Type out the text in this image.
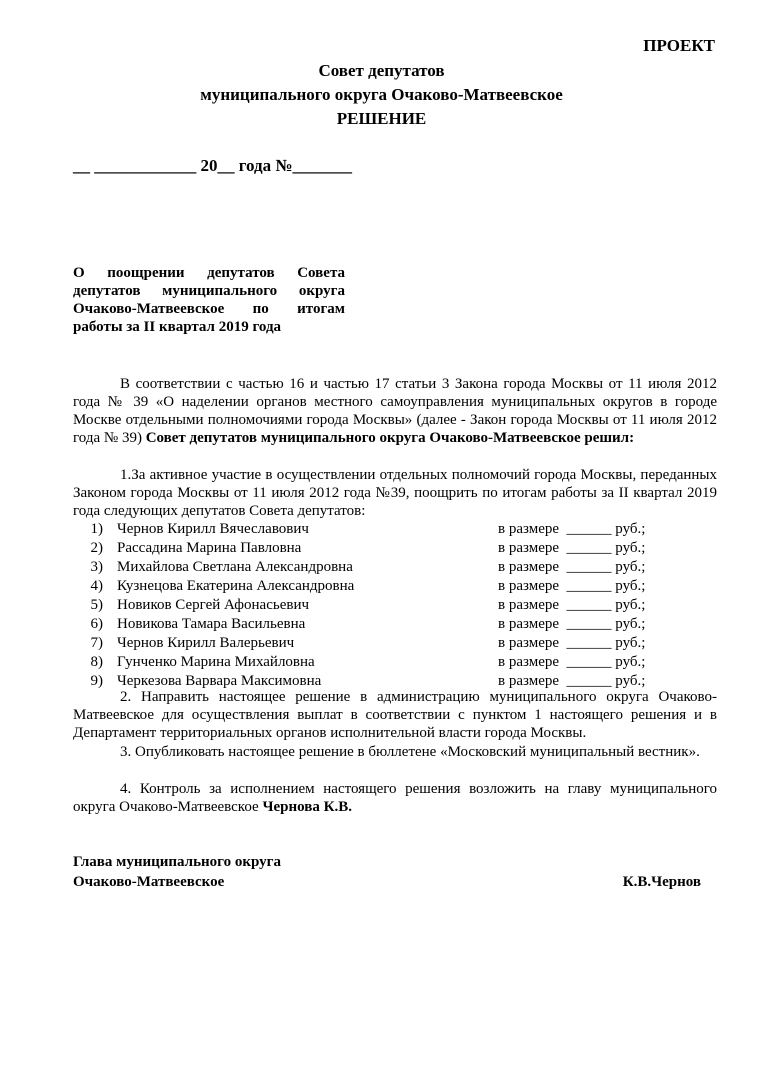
ПРОЕКТ
Совет депутатов
муниципального округа Очаково-Матвеевское
РЕШЕНИЕ
__ ____________ 20__ года №_______
О поощрении депутатов Совета депутатов муниципального округа Очаково-Матвеевское по итогам работы за II квартал 2019 года

В соответствии с частью 16 и частью 17 статьи 3 Закона города Москвы от 11 июля 2012 года № 39 «О наделении органов местного самоуправления муниципальных округов в городе Москве отдельными полномочиями города Москвы» (далее - Закон города Москвы от 11 июля 2012 года № 39) Совет депутатов муниципального округа Очаково-Матвеевское решил:

1.За активное участие в осуществлении отдельных полномочий города Москвы, переданных Законом города Москвы от 11 июля 2012 года №39, поощрить по итогам работы за II квартал 2019 года следующих депутатов Совета депутатов:

1) Чернов Кирилл Вячеславович	в размере  ______ руб.;
2) Рассадина Марина Павловна	в размере  ______ руб.;
3) Михайлова Светлана Александровна	в размере  ______ руб.;
4) Кузнецова Екатерина Александровна	в размере  ______ руб.;
5) Новиков Сергей Афонасьевич	в размере  ______ руб.;
6) Новикова Тамара Васильевна	в размере  ______ руб.;
7) Чернов Кирилл Валерьевич	в размере  ______ руб.;
8) Гунченко Марина Михайловна	в размере  ______ руб.;
9) Черкезова Варвара Максимовна	в размере  ______ руб.;

2. Направить настоящее решение в администрацию муниципального округа Очаково-Матвеевское для осуществления выплат в соответствии с пунктом 1 настоящего решения и в Департамент территориальных органов исполнительной власти города Москвы.

3. Опубликовать настоящее решение в бюллетене «Московский муниципальный вестник».

4. Контроль за исполнением настоящего решения возложить на главу муниципального округа Очаково-Матвеевское Чернова К.В.

Глава муниципального округа
Очаково-Матвеевское	К.В.Чернов
